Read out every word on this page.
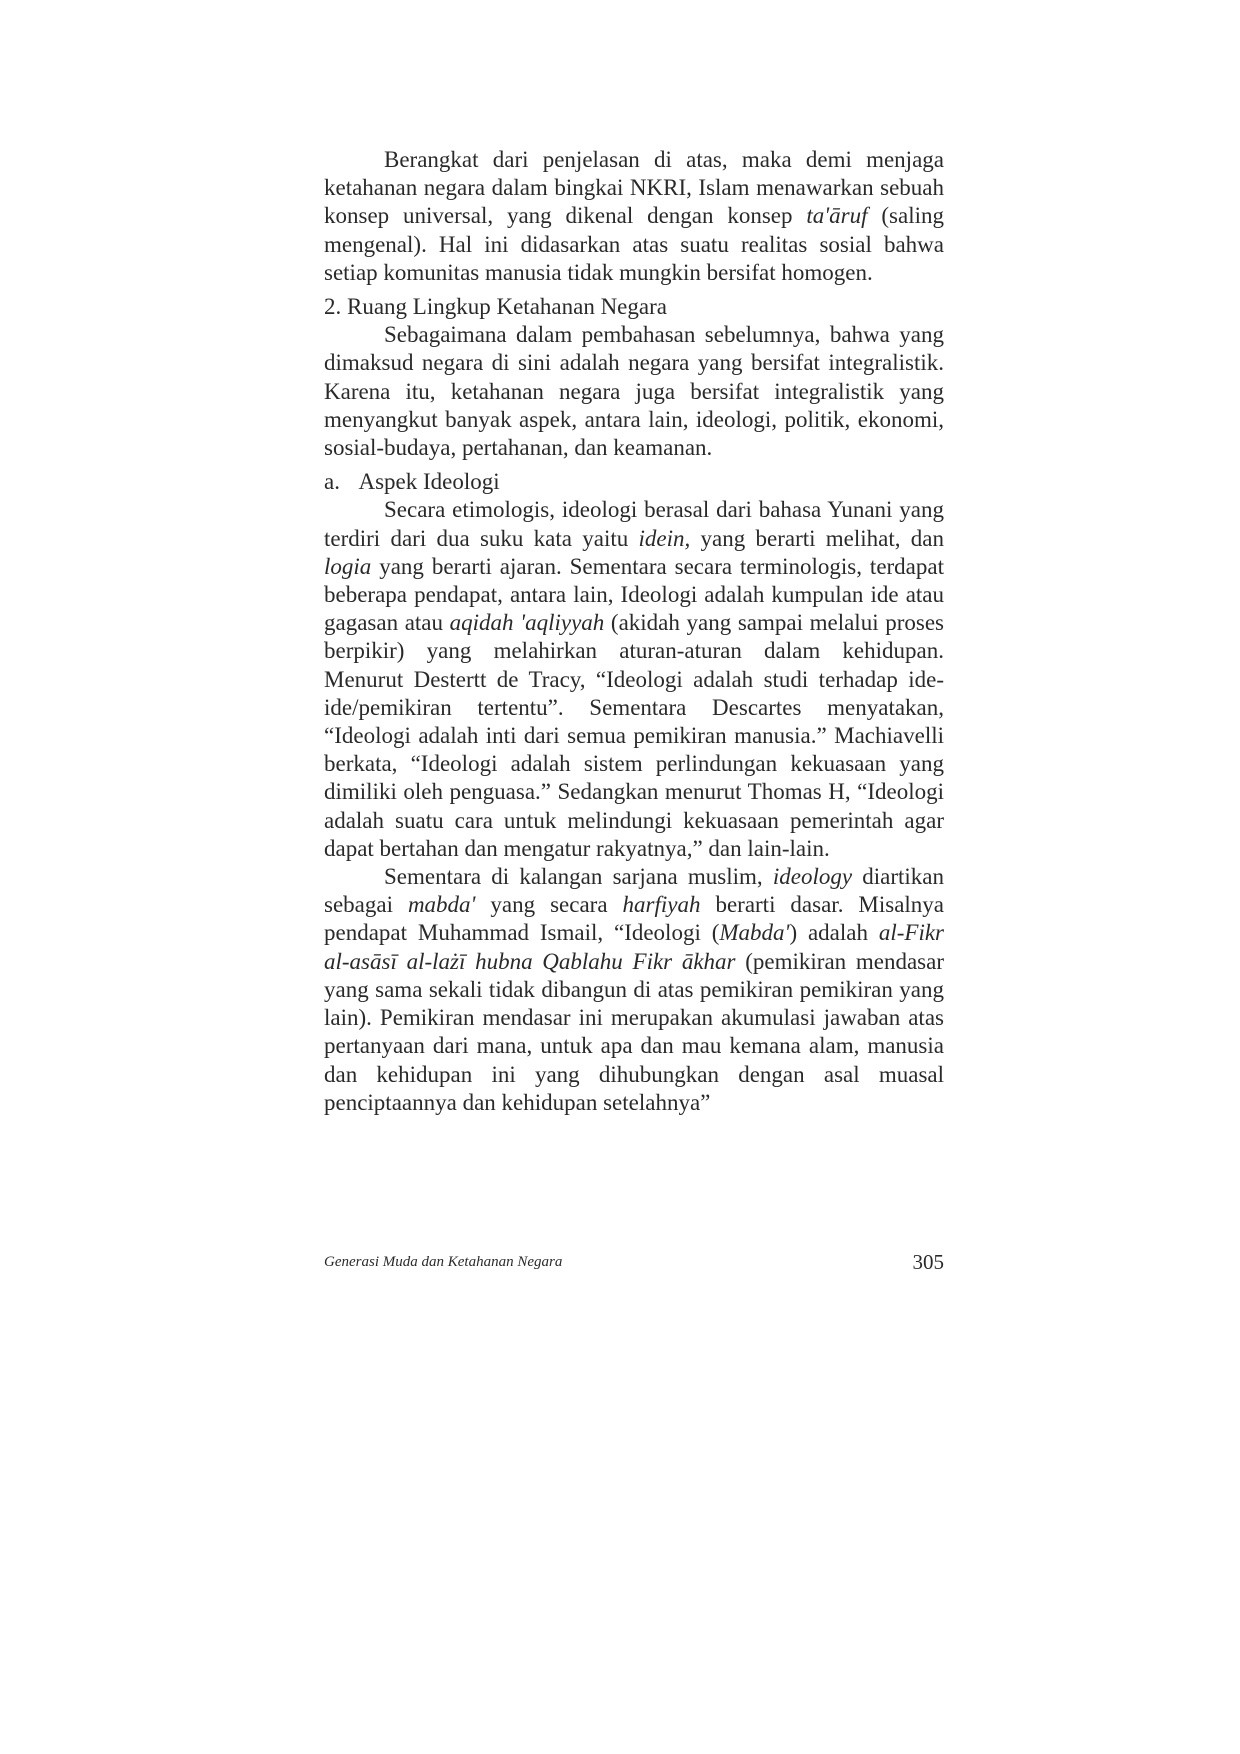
Berangkat dari penjelasan di atas, maka demi menjaga ketahanan negara dalam bingkai NKRI, Islam menawarkan sebuah konsep universal, yang dikenal dengan konsep ta'āruf (saling mengenal). Hal ini didasarkan atas suatu realitas sosial bahwa setiap komunitas manusia tidak mungkin bersifat homogen.

2. Ruang Lingkup Ketahanan Negara

Sebagaimana dalam pembahasan sebelumnya, bahwa yang dimaksud negara di sini adalah negara yang bersifat integralistik. Karena itu, ketahanan negara juga bersifat integralistik yang menyangkut banyak aspek, antara lain, ideologi, politik, ekonomi, sosial-budaya, pertahanan, dan keamanan.

a. Aspek Ideologi

Secara etimologis, ideologi berasal dari bahasa Yunani yang terdiri dari dua suku kata yaitu idein, yang berarti melihat, dan logia yang berarti ajaran. Sementara secara terminologis, terdapat beberapa pendapat, antara lain, Ideologi adalah kumpulan ide atau gagasan atau aqidah 'aqliyyah (akidah yang sampai melalui proses berpikir) yang melahirkan aturan-aturan dalam kehidupan. Menurut Destertt de Tracy, “Ideologi adalah studi terhadap ide-ide/pemikiran tertentu”. Sementara Descartes menyatakan, “Ideologi adalah inti dari semua pemikiran manusia.” Machiavelli berkata, “Ideologi adalah sistem perlindungan kekuasaan yang dimiliki oleh penguasa.” Sedangkan menurut Thomas H, “Ideologi adalah suatu cara untuk melindungi kekuasaan pemerintah agar dapat bertahan dan mengatur rakyatnya,” dan lain-lain.

Sementara di kalangan sarjana muslim, ideology diartikan sebagai mabda' yang secara harfiyah berarti dasar. Misalnya pendapat Muhammad Ismail, “Ideologi (Mabda') adalah al-Fikr al-asāsī al-lażī hubna Qablahu Fikr ākhar (pemikiran mendasar yang sama sekali tidak dibangun di atas pemikiran pemikiran yang lain). Pemikiran mendasar ini merupakan akumulasi jawaban atas pertanyaan dari mana, untuk apa dan mau kemana alam, manusia dan kehidupan ini yang dihubungkan dengan asal muasal penciptaannya dan kehidupan setelahnya”

Generasi Muda dan Ketahanan Negara	305
